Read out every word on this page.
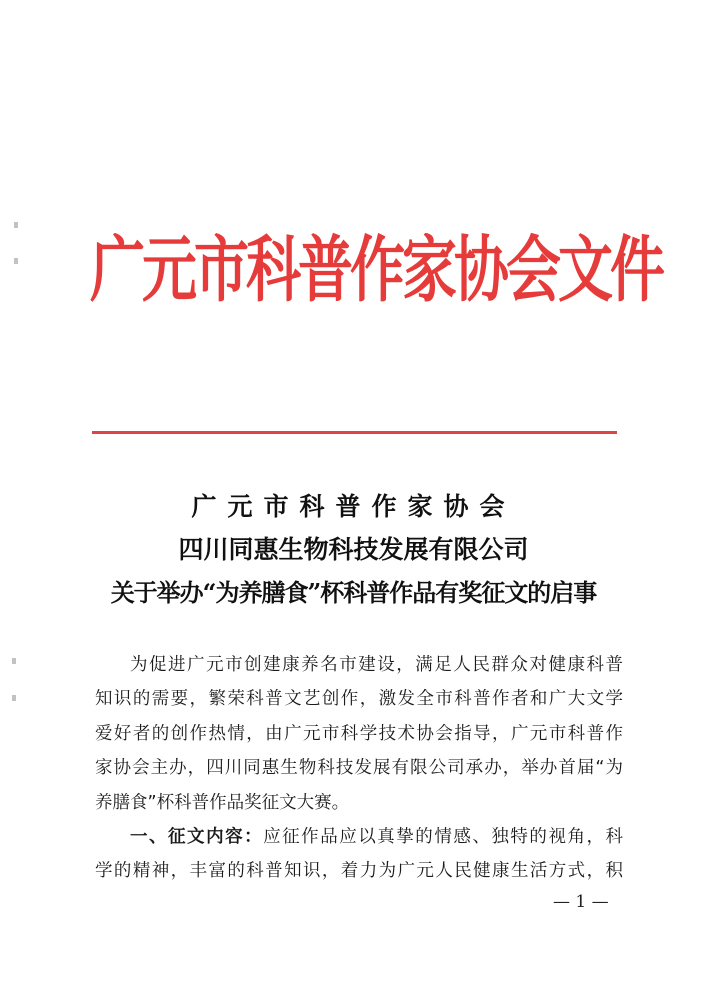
广元市科普作家协会文件
广元市科普作家协会
四川同惠生物科技发展有限公司
关于举办“为养膳食”杯科普作品有奖征文的启事
为促进广元市创建康养名市建设，满足人民群众对健康科普
知识的需要，繁荣科普文艺创作，激发全市科普作者和广大文学
爱好者的创作热情，由广元市科学技术协会指导，广元市科普作
家协会主办，四川同惠生物科技发展有限公司承办，举办首届“为
养膳食”杯科普作品奖征文大赛。
一、征文内容：应征作品应以真挚的情感、独特的视角，科
学的精神，丰富的科普知识，着力为广元人民健康生活方式，积
— 1 —
